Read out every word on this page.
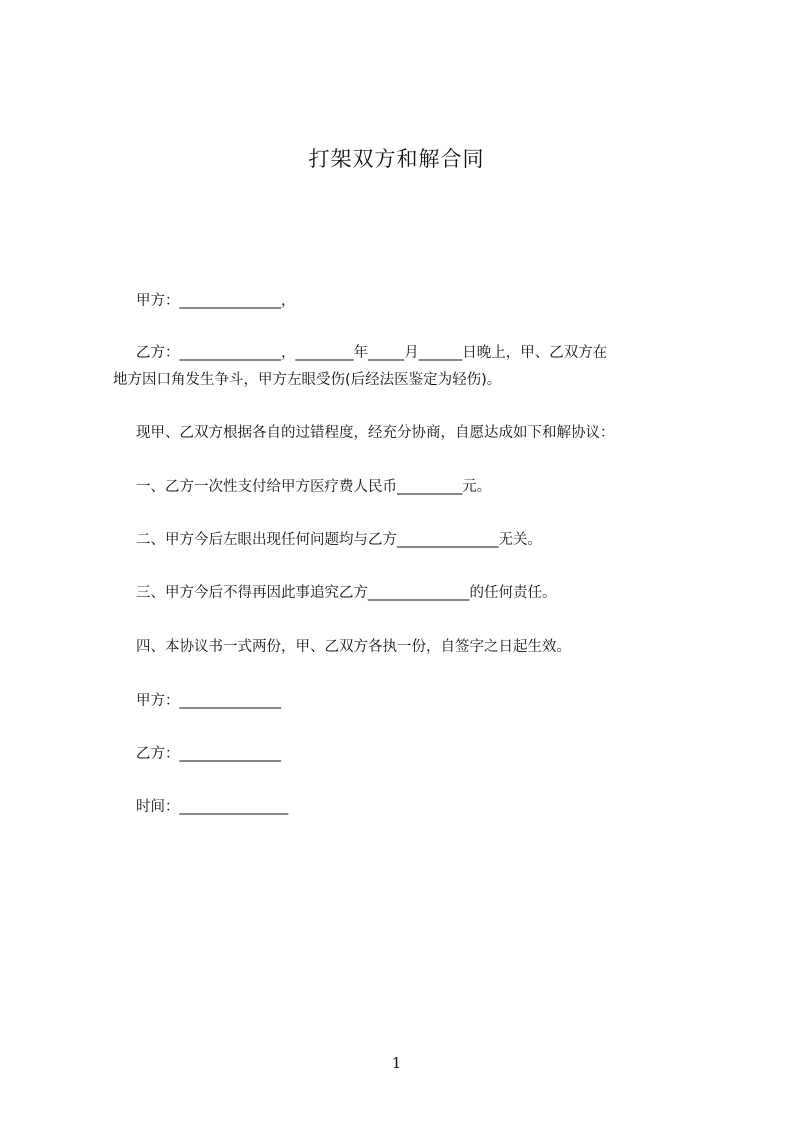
打架双方和解合同
甲方：______________，
乙方：______________，________年_____月______日晚上，甲、乙双方在
地方因口角发生争斗，甲方左眼受伤(后经法医鉴定为轻伤)。
现甲、乙双方根据各自的过错程度，经充分协商，自愿达成如下和解协议：
一、乙方一次性支付给甲方医疗费人民币_________元。
二、甲方今后左眼出现任何问题均与乙方______________无关。
三、甲方今后不得再因此事追究乙方______________的任何责任。
四、本协议书一式两份，甲、乙双方各执一份，自签字之日起生效。
甲方：______________
乙方：______________
时间：_______________
1
